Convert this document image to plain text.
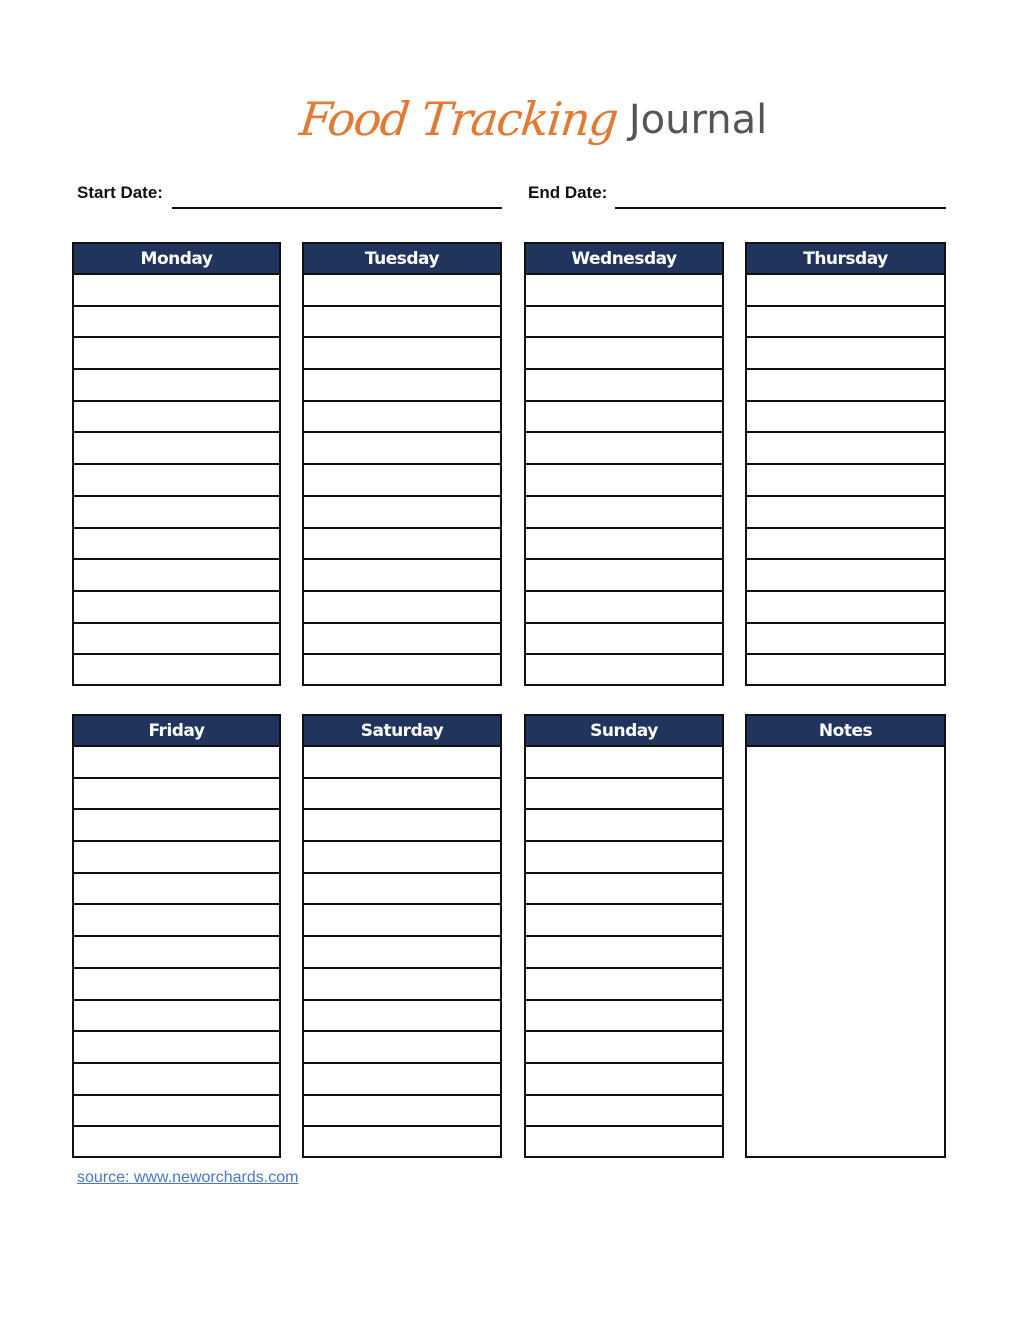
Food Tracking Journal
Start Date:	End Date:
Monday	Tuesday	Wednesday	Thursday
Friday	Saturday	Sunday	Notes
source: www.neworchards.com
